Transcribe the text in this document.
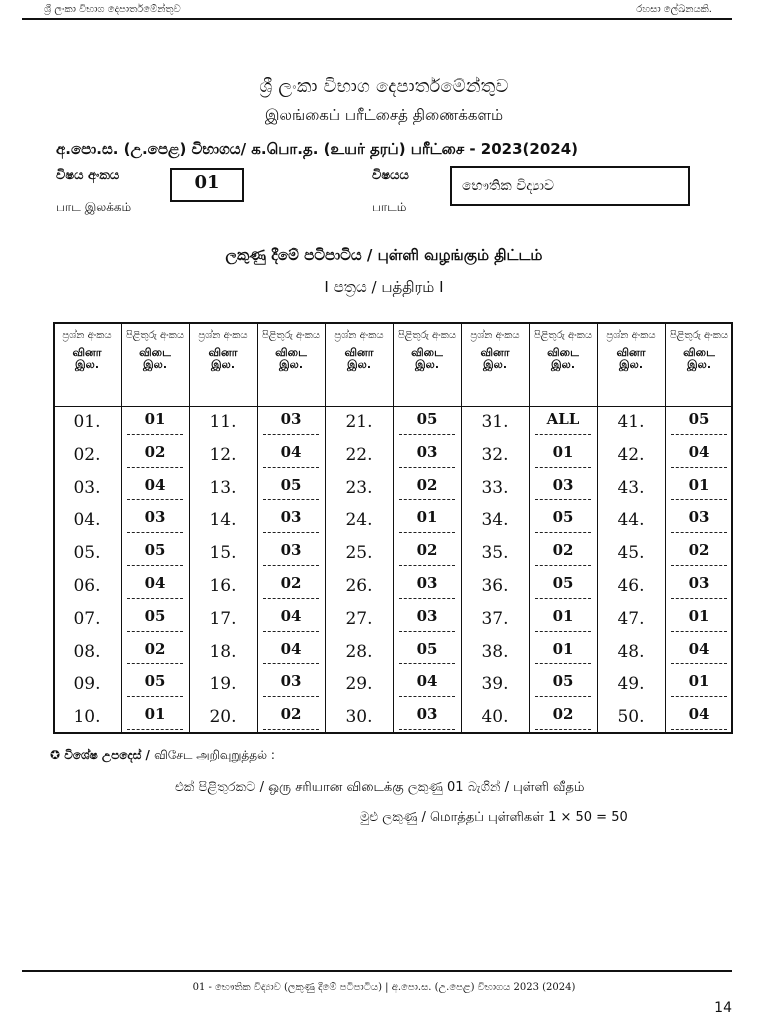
ශ්‍රී ලංකා විභාග දෙපාර්තමේන්තුව	රහසා ලේඛනයකි.
ශ්‍රී ලංකා විභාග දෙපාර්තමේන්තුව
இலங்கைப் பரீட்சைத் திணைக்களம்
අ.පො.ස. (උ.පෙළ) විභාගය/ க.பொ.த. (உயர் தரப்) பரீட்சை - 2023(2024)
විෂය අංකය
பாட இலக்கம்
01	විෂයය
பாடம்
භෞතික විද්‍යාව
ලකුණු දීමේ පටිපාටිය / புள்ளி வழங்கும் திட்டம்
I පත්‍රය / பத்திரம் I
ප්‍රශ්න අංකය
வினா
இல.
පිළිතුරු අංකය
விடை
இல.
ප්‍රශ්න අංකය
வினா
இல.
පිළිතුරු අංකය
விடை
இல.
ප්‍රශ්න අංකය
வினா
இல.
පිළිතුරු අංකය
விடை
இல.
ප්‍රශ්න අංකය
வினா
இல.
පිළිතුරු අංකය
விடை
இல.
ප්‍රශ්න අංකය
வினா
இல.
පිළිතුරු අංකය
விடை
இல.
01.	01	11.	03	21.	05	31.	ALL	41.	05
02.	02	12.	04	22.	03	32.	01	42.	04
03.	04	13.	05	23.	02	33.	03	43.	01
04.	03	14.	03	24.	01	34.	05	44.	03
05.	05	15.	03	25.	02	35.	02	45.	02
06.	04	16.	02	26.	03	36.	05	46.	03
07.	05	17.	04	27.	03	37.	01	47.	01
08.	02	18.	04	28.	05	38.	01	48.	04
09.	05	19.	03	29.	04	39.	05	49.	01
10.	01	20.	02	30.	03	40.	02	50.	04
✪ විශේෂ උපදෙස් / விசேட அறிவுறுத்தல் :
එක් පිළිතුරකට / ஒரு சரியான விடைக்கு ලකුණු 01 බැගින් / புள்ளி வீதம்
මුළු ලකුණු / மொத்தப் புள்ளிகள் 1 × 50 = 50
01 - භෞතික විද්‍යාව (ලකුණු දීමේ පටිපාටිය) | අ.පො.ස. (උ.පෙළ) විභාගය 2023 (2024)
14
